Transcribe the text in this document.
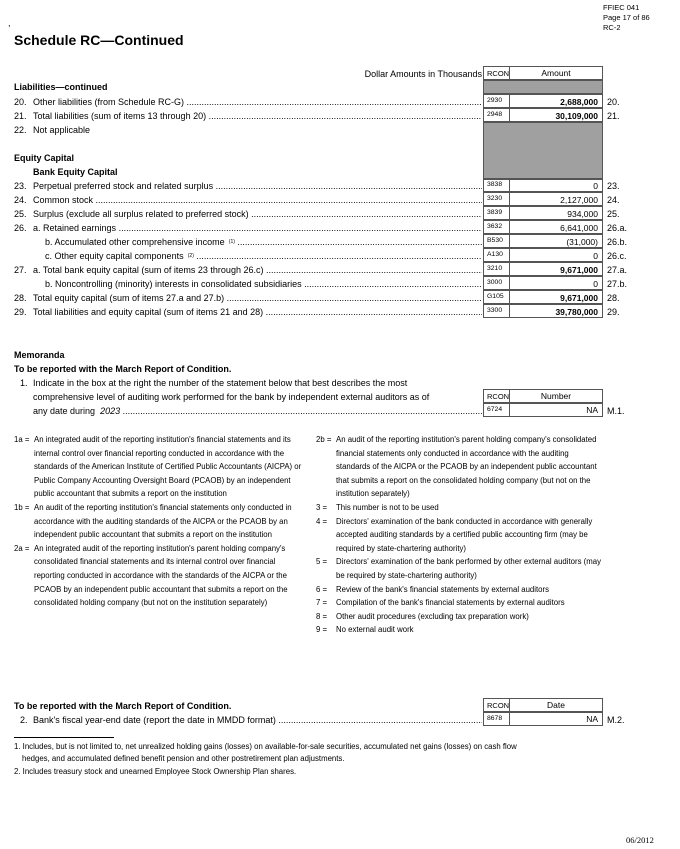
,
FFIEC 041
Page 17 of 86
RC-2
Schedule RC—Continued
Dollar Amounts in Thousands RCON	Amount
Liabilities—continued
Equity Capital
Bank Equity Capital
20. Other liabilities (from Schedule RC-G) .....	2930	2,688,000	20.
21. Total liabilities (sum of items 13 through 20) .....	2948	30,109,000	21.
22. Not applicable
23. Perpetual preferred stock and related surplus .....	3838	0	23.
24. Common stock .....	3230	2,127,000	24.
25. Surplus (exclude all surplus related to preferred stock) .....	3839	934,000	25.
26. a. Retained earnings .....	3632	6,641,000	26.a.
b. Accumulated other comprehensive income $^{(1)}$ .....	B530	(31,000)	26.b.
c. Other equity capital components $^{(2)}$ .....	A130	0	26.c.
27. a. Total bank equity capital (sum of items 23 through 26.c) .....	3210	9,671,000	27.a.
b. Noncontrolling (minority) interests in consolidated subsidiaries .....	3000	0	27.b.
28. Total equity capital (sum of items 27.a and 27.b) .....	G105	9,671,000	28.
29. Total liabilities and equity capital (sum of items 21 and 28) .....	3300	39,780,000	29.
Memoranda
To be reported with the March Report of Condition.
1. Indicate in the box at the right the number of the statement below that best describes the most
comprehensive level of auditing work performed for the bank by independent external auditors as of
any date during 2023 .....
RCON	Number
6724	NA	M.1.
1a = An integrated audit of the reporting institution's financial statements and its internal control over financial reporting conducted in accordance with the standards of the American Institute of Certified Public Accountants (AICPA) or Public Company Accounting Oversight Board (PCAOB) by an independent public accountant that submits a report on the institution
1b = An audit of the reporting institution's financial statements only conducted in accordance with the auditing standards of the AICPA or the PCAOB by an independent public accountant that submits a report on the institution
2a = An integrated audit of the reporting institution's parent holding company's consolidated financial statements and its internal control over financial reporting conducted in accordance with the standards of the AICPA or the PCAOB by an independent public accountant that submits a report on the consolidated holding company (but not on the institution separately)
2b = An audit of the reporting institution's parent holding company's consolidated financial statements only conducted in accordance with the auditing standards of the AICPA or the PCAOB by an independent public accountant that submits a report on the consolidated holding company (but not on the institution separately)
3 = This number is not to be used
4 = Directors' examination of the bank conducted in accordance with generally accepted auditing standards by a certified public accounting firm (may be required by state-chartering authority)
5 = Directors' examination of the bank performed by other external auditors (may be required by state-chartering authority)
6 = Review of the bank's financial statements by external auditors
7 = Compilation of the bank's financial statements by external auditors
8 = Other audit procedures (excluding tax preparation work)
9 = No external audit work
To be reported with the March Report of Condition.
2. Bank's fiscal year-end date (report the date in MMDD format) .....
RCON	Date
8678	NA	M.2.
1. Includes, but is not limited to, net unrealized holding gains (losses) on available-for-sale securities, accumulated net gains (losses) on cash flow
hedges, and accumulated defined benefit pension and other postretirement plan adjustments.
2. Includes treasury stock and unearned Employee Stock Ownership Plan shares.
06/2012
